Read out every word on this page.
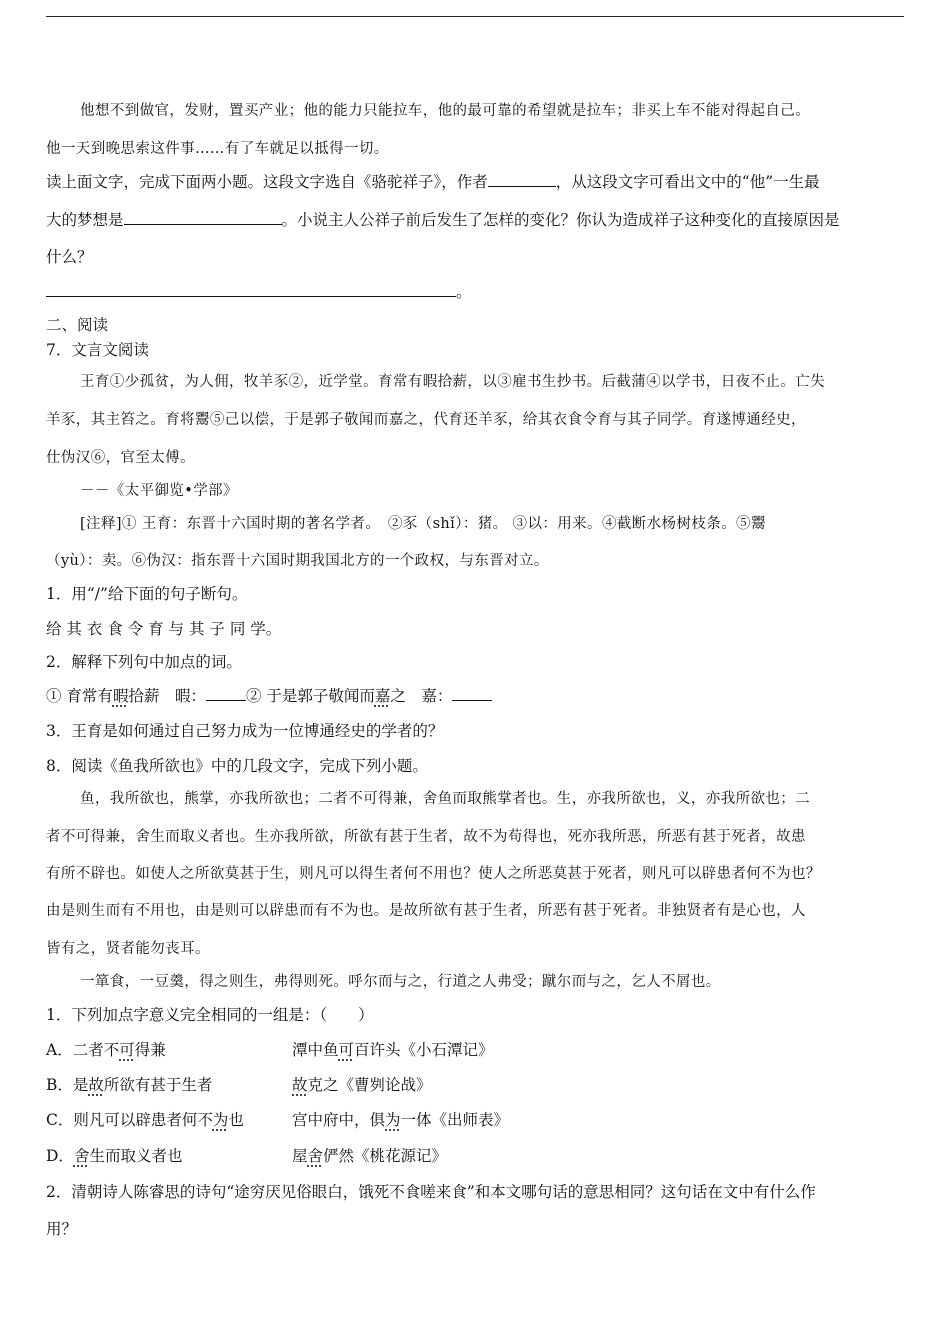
他想不到做官，发财，置买产业；他的能力只能拉车，他的最可靠的希望就是拉车；非买上车不能对得起自己。
他一天到晚思索这件事……有了车就足以抵得一切。
读上面文字，完成下面两小题。这段文字选自《骆驼祥子》，作者	，从这段文字可看出文中的“他”一生最
大的梦想是	。小说主人公祥子前后发生了怎样的变化？你认为造成祥子这种变化的直接原因是
什么？
。
二、阅读
7．文言文阅读
王育①少孤贫，为人佣，牧羊豕②，近学堂。育常有暇拾薪，以③雇书生抄书。后截蒲④以学书，日夜不止。亡失
羊豕，其主笞之。育将鬻⑤己以偿，于是郭子敬闻而嘉之，代育还羊豕，给其衣食令育与其子同学。育遂博通经史，
仕伪汉⑥，官至太傅。
－－《太平御览•学部》
[注释]① 王育：东晋十六国时期的著名学者。　②豕（shǐ）：猪。 ③以：用来。④截断水杨树枝条。⑤鬻
（yù）：卖。⑥伪汉：指东晋十六国时期我国北方的一个政权，与东晋对立。
1．用“/”给下面的句子断句。
给 其 衣 食 令 育 与 其 子 同 学。
2．解释下列句中加点的词。
① 育常有暇拾薪　暇：	② 于是郭子敬闻而嘉之　嘉：
3．王育是如何通过自己努力成为一位博通经史的学者的？
8．阅读《鱼我所欲也》中的几段文字，完成下列小题。
鱼，我所欲也，熊掌，亦我所欲也；二者不可得兼，舍鱼而取熊掌者也。生，亦我所欲也，义，亦我所欲也；二
者不可得兼，舍生而取义者也。生亦我所欲，所欲有甚于生者，故不为苟得也，死亦我所恶，所恶有甚于死者，故患
有所不辟也。如使人之所欲莫甚于生，则凡可以得生者何不用也？使人之所恶莫甚于死者，则凡可以辟患者何不为也？
由是则生而有不用也，由是则可以辟患而有不为也。是故所欲有甚于生者，所恶有甚于死者。非独贤者有是心也，人
皆有之，贤者能勿丧耳。
一箪食，一豆羹，得之则生，弗得则死。呼尔而与之，行道之人弗受；蹴尔而与之，乞人不屑也。
1．下列加点字意义完全相同的一组是：（　　）
A．二者不可得兼	潭中鱼可百许头《小石潭记》
B．是故所欲有甚于生者	故克之《曹刿论战》
C．则凡可以辟患者何不为也	宫中府中，俱为一体《出师表》
D．舍生而取义者也	屋舍俨然《桃花源记》
2．清朝诗人陈睿思的诗句“途穷厌见俗眼白，饿死不食嗟来食”和本文哪句话的意思相同？这句话在文中有什么作
用？
